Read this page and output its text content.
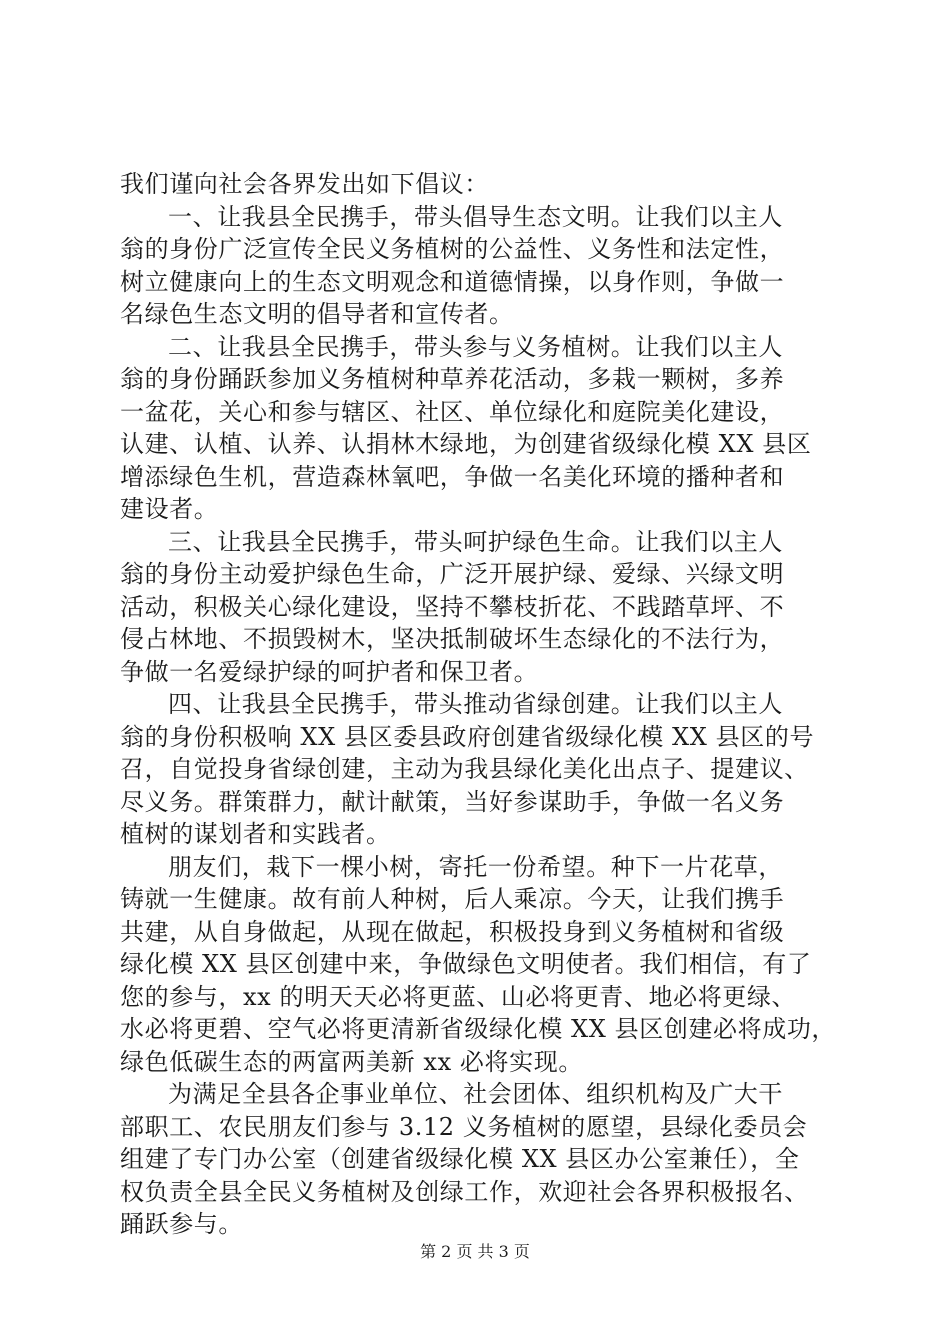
我们谨向社会各界发出如下倡议：
一、让我县全民携手，带头倡导生态文明。让我们以主人
翁的身份广泛宣传全民义务植树的公益性、义务性和法定性，
树立健康向上的生态文明观念和道德情操，以身作则，争做一
名绿色生态文明的倡导者和宣传者。
二、让我县全民携手，带头参与义务植树。让我们以主人
翁的身份踊跃参加义务植树种草养花活动，多栽一颗树，多养
一盆花，关心和参与辖区、社区、单位绿化和庭院美化建设，
认建、认植、认养、认捐林木绿地，为创建省级绿化模 XX 县区
增添绿色生机，营造森林氧吧，争做一名美化环境的播种者和
建设者。
三、让我县全民携手，带头呵护绿色生命。让我们以主人
翁的身份主动爱护绿色生命，广泛开展护绿、爱绿、兴绿文明
活动，积极关心绿化建设，坚持不攀枝折花、不践踏草坪、不
侵占林地、不损毁树木，坚决抵制破坏生态绿化的不法行为，
争做一名爱绿护绿的呵护者和保卫者。
四、让我县全民携手，带头推动省绿创建。让我们以主人
翁的身份积极响 XX 县区委县政府创建省级绿化模 XX 县区的号
召，自觉投身省绿创建，主动为我县绿化美化出点子、提建议、
尽义务。群策群力，献计献策，当好参谋助手，争做一名义务
植树的谋划者和实践者。
朋友们，栽下一棵小树，寄托一份希望。种下一片花草，
铸就一生健康。故有前人种树，后人乘凉。今天，让我们携手
共建，从自身做起，从现在做起，积极投身到义务植树和省级
绿化模 XX 县区创建中来，争做绿色文明使者。我们相信，有了
您的参与，xx 的明天天必将更蓝、山必将更青、地必将更绿、
水必将更碧、空气必将更清新省级绿化模 XX 县区创建必将成功，
绿色低碳生态的两富两美新 xx 必将实现。
为满足全县各企事业单位、社会团体、组织机构及广大干
部职工、农民朋友们参与 3.12 义务植树的愿望，县绿化委员会
组建了专门办公室（创建省级绿化模 XX 县区办公室兼任），全
权负责全县全民义务植树及创绿工作，欢迎社会各界积极报名、
踊跃参与。
第 2 页 共 3 页
